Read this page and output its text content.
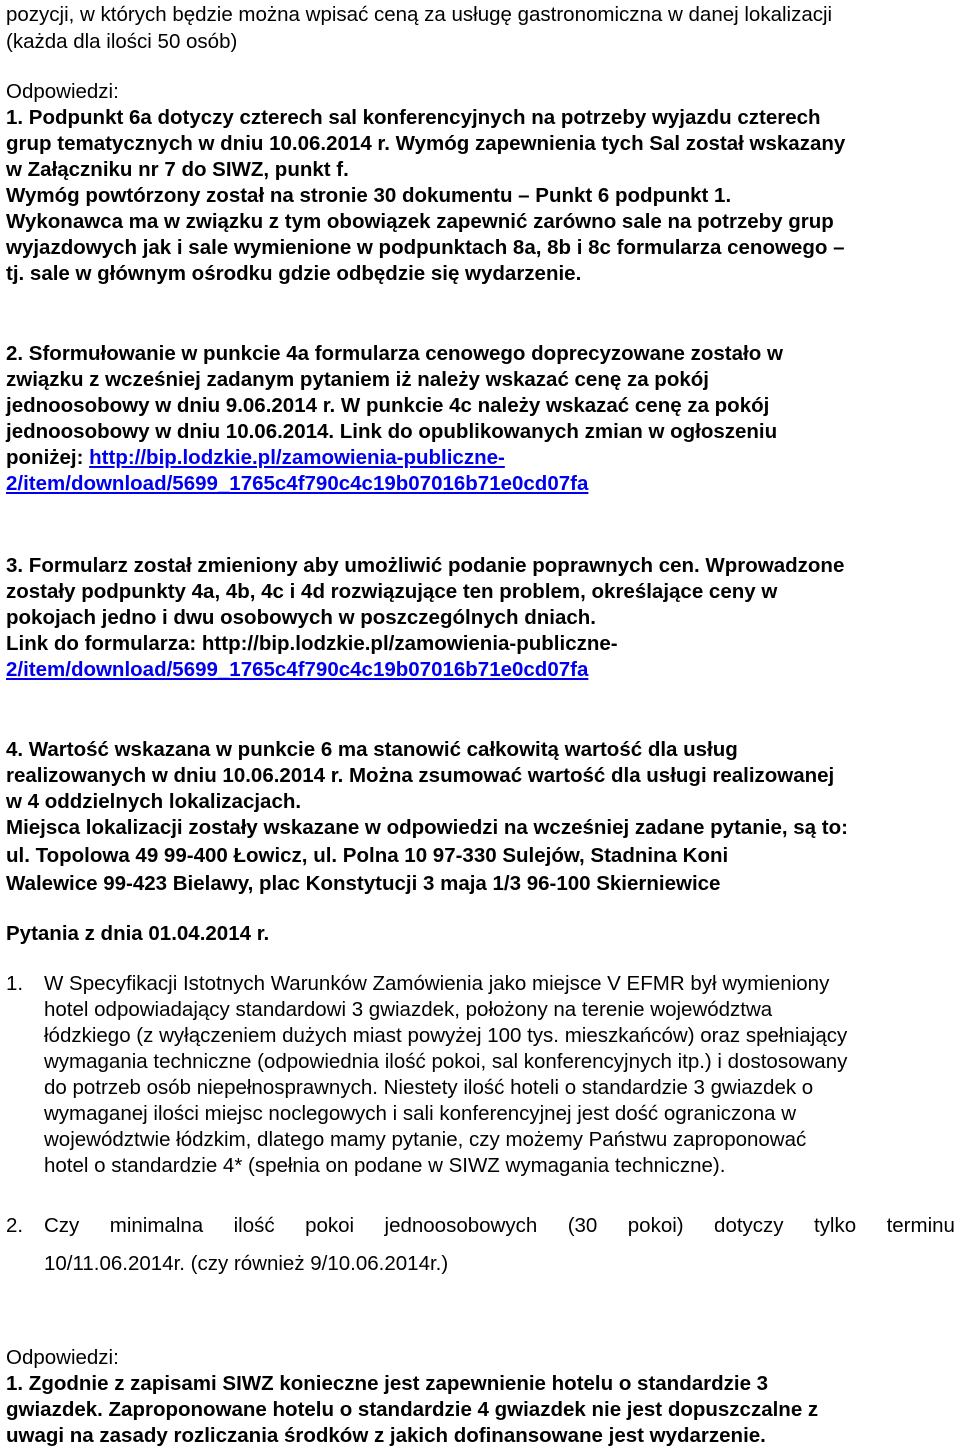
pozycji, w których będzie można wpisać ceną za usługę gastronomiczna w danej lokalizacji
(każda dla ilości 50 osób)
Odpowiedzi:
1. Podpunkt 6a dotyczy czterech sal konferencyjnych na potrzeby wyjazdu czterech
grup tematycznych w dniu 10.06.2014 r. Wymóg zapewnienia tych Sal został wskazany
w Załączniku nr 7 do SIWZ, punkt f.
Wymóg powtórzony został na stronie 30 dokumentu – Punkt 6 podpunkt 1.
Wykonawca ma w związku z tym obowiązek zapewnić zarówno sale na potrzeby grup
wyjazdowych jak i sale wymienione w podpunktach 8a, 8b i 8c formularza cenowego –
tj. sale w głównym ośrodku gdzie odbędzie się wydarzenie.
2. Sformułowanie w punkcie 4a formularza cenowego doprecyzowane zostało w
związku z wcześniej zadanym pytaniem iż należy wskazać cenę za pokój
jednoosobowy w dniu 9.06.2014 r. W punkcie 4c należy wskazać cenę za pokój
jednoosobowy w dniu 10.06.2014. Link do opublikowanych zmian w ogłoszeniu
poniżej: http://bip.lodzkie.pl/zamowienia-publiczne-
2/item/download/5699_1765c4f790c4c19b07016b71e0cd07fa
3. Formularz został zmieniony aby umożliwić podanie poprawnych cen. Wprowadzone
zostały podpunkty 4a, 4b, 4c i 4d rozwiązujące ten problem, określające ceny w
pokojach jedno i dwu osobowych w poszczególnych dniach.
Link do formularza: http://bip.lodzkie.pl/zamowienia-publiczne-
2/item/download/5699_1765c4f790c4c19b07016b71e0cd07fa
4. Wartość wskazana w punkcie 6 ma stanowić całkowitą wartość dla usług
realizowanych w dniu 10.06.2014 r. Można zsumować wartość dla usługi realizowanej
w 4 oddzielnych lokalizacjach.
Miejsca lokalizacji zostały wskazane w odpowiedzi na wcześniej zadane pytanie, są to:
ul. Topolowa 49 99-400 Łowicz, ul. Polna 10 97-330 Sulejów, Stadnina Koni
Walewice 99-423 Bielawy, plac Konstytucji 3 maja 1/3 96-100 Skierniewice
Pytania z dnia 01.04.2014 r.
1. W Specyfikacji Istotnych Warunków Zamówienia jako miejsce V EFMR był wymieniony
hotel odpowiadający standardowi 3 gwiazdek, położony na terenie województwa
łódzkiego (z wyłączeniem dużych miast powyżej 100 tys. mieszkańców) oraz spełniający
wymagania techniczne (odpowiednia ilość pokoi, sal konferencyjnych itp.) i dostosowany
do potrzeb osób niepełnosprawnych. Niestety ilość hoteli o standardzie 3 gwiazdek o
wymaganej ilości miejsc noclegowych i sali konferencyjnej jest dość ograniczona w
województwie łódzkim, dlatego mamy pytanie, czy możemy Państwu zaproponować
hotel o standardzie 4* (spełnia on podane w SIWZ wymagania techniczne).
2. Czy minimalna ilość pokoi jednoosobowych (30 pokoi) dotyczy tylko terminu
10/11.06.2014r. (czy również 9/10.06.2014r.)
Odpowiedzi:
1. Zgodnie z zapisami SIWZ konieczne jest zapewnienie hotelu o standardzie 3
gwiazdek. Zaproponowane hotelu o standardzie 4 gwiazdek nie jest dopuszczalne z
uwagi na zasady rozliczania środków z jakich dofinansowane jest wydarzenie.
